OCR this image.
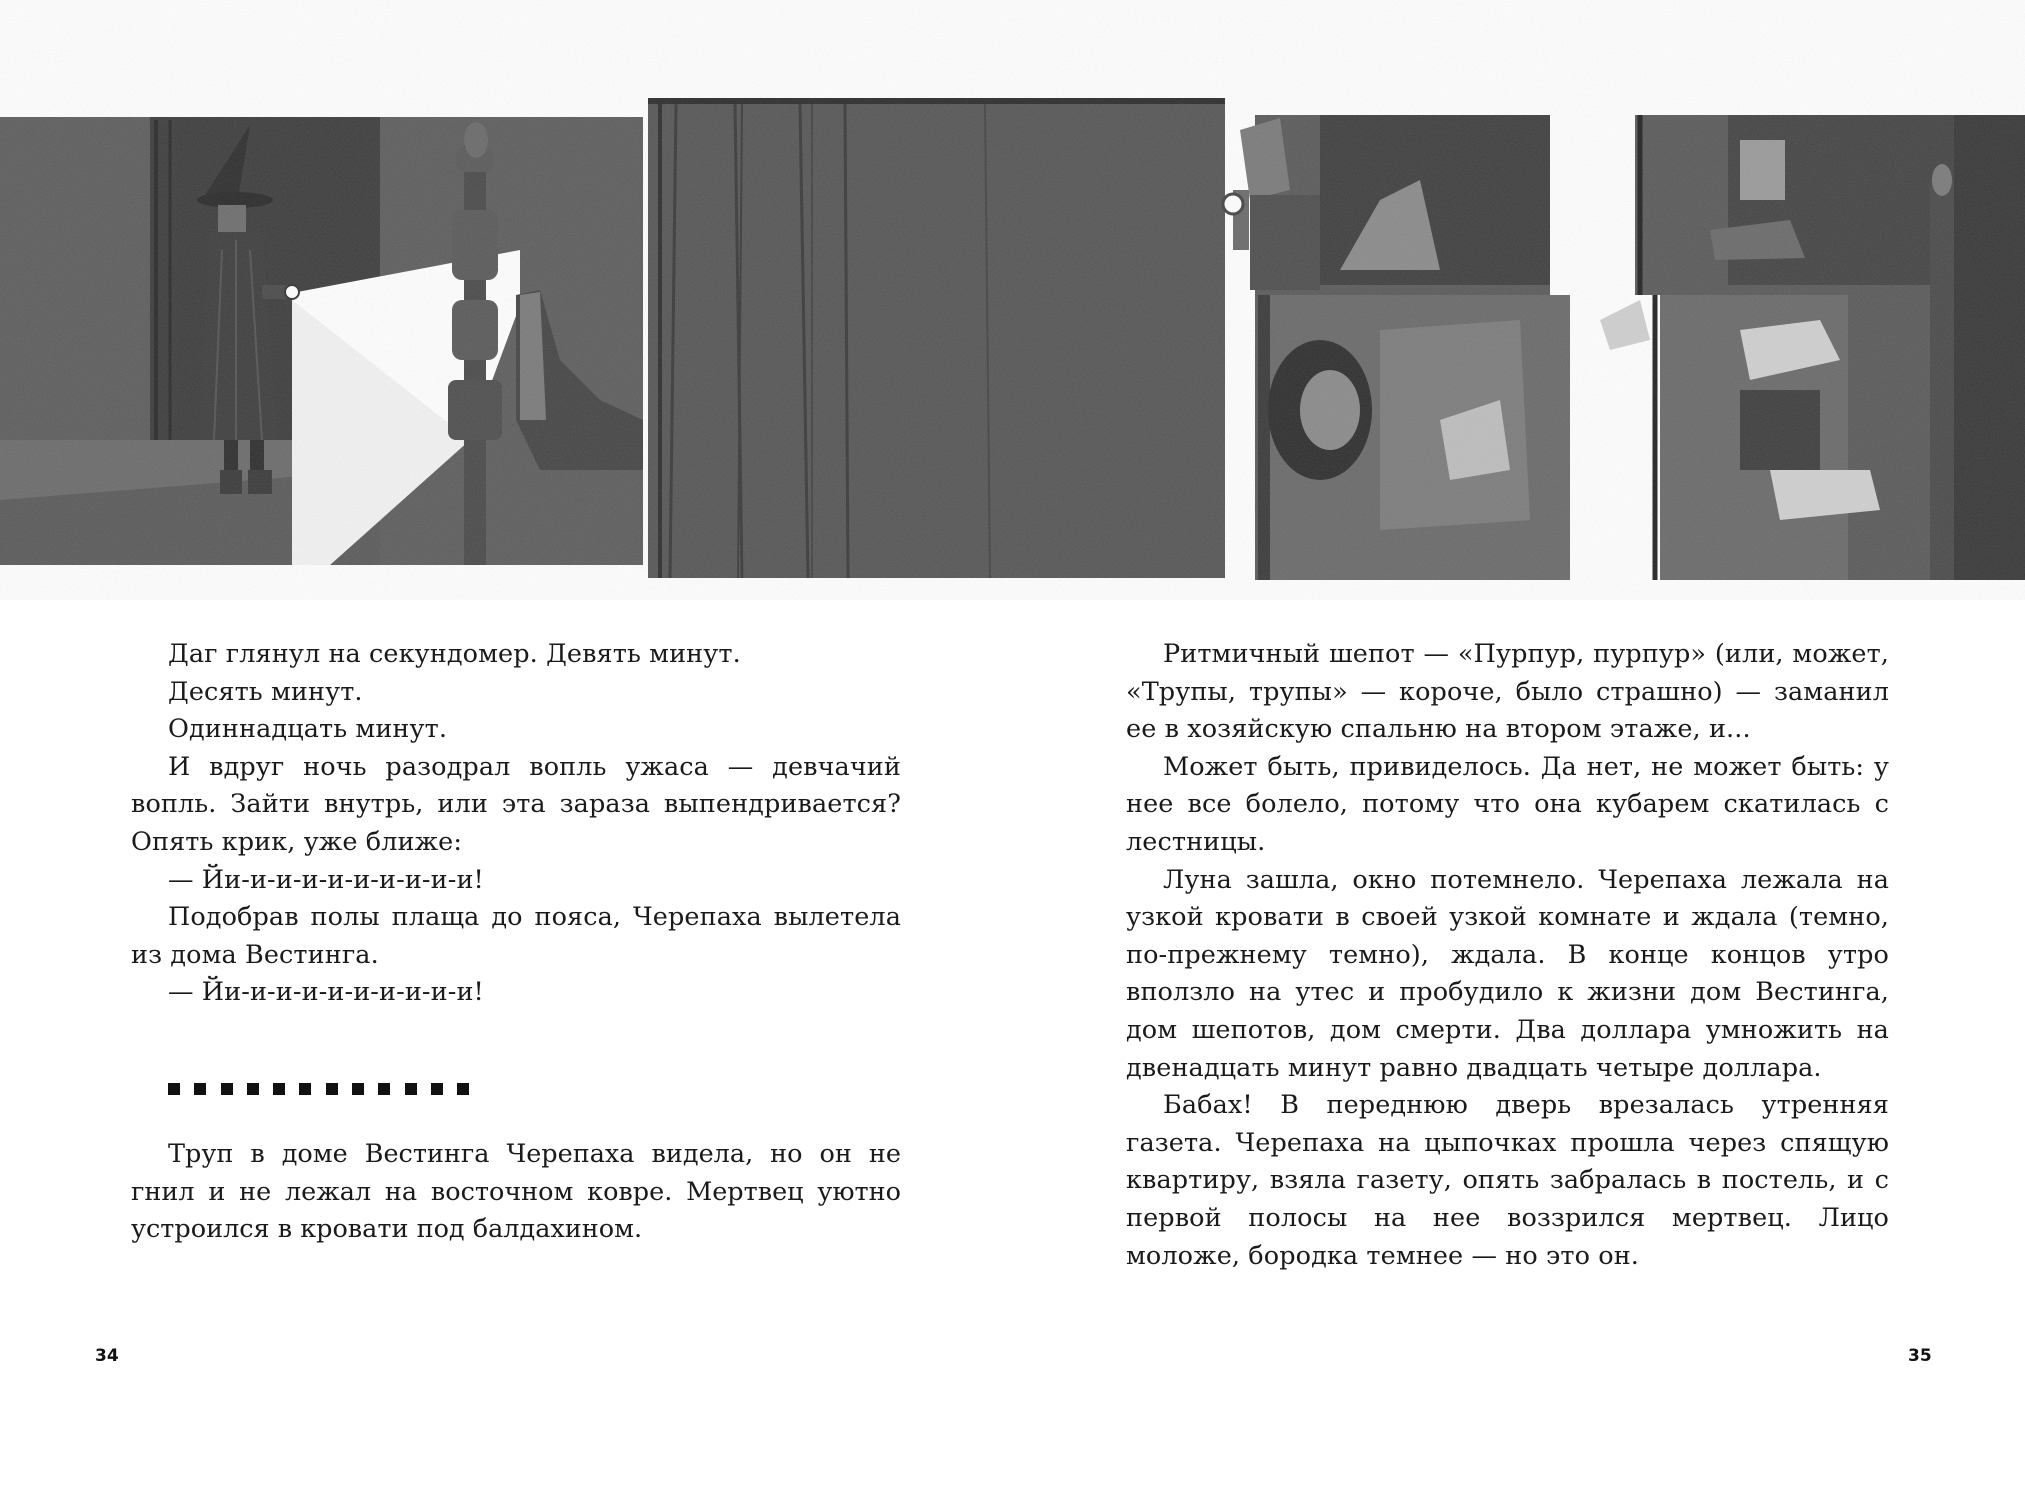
Даг глянул на секундомер. Девять минут.

Десять минут.

Одиннадцать минут.

И вдруг ночь разодрал вопль ужаса — девчачий вопль. Зайти внутрь, или эта зараза выпендривается? Опять крик, уже ближе:

— Йи-и-и-и-и-и-и-и-и-и!

Подобрав полы плаща до пояса, Черепаха вылетела из дома Вестинга.

— Йи-и-и-и-и-и-и-и-и-и!

Труп в доме Вестинга Черепаха видела, но он не гнил и не лежал на восточном ковре. Мертвец уютно устроился в кровати под балдахином.

Ритмичный шепот — «Пурпур, пурпур» (или, может, «Трупы, трупы» — короче, было страшно) — заманил ее в хозяйскую спальню на втором этаже, и...

Может быть, привиделось. Да нет, не может быть: у нее все болело, потому что она кубарем скатилась с лестницы.

Луна зашла, окно потемнело. Черепаха лежала на узкой кровати в своей узкой комнате и ждала (темно, по-прежнему темно), ждала. В конце концов утро вползло на утес и пробудило к жизни дом Вестинга, дом шепотов, дом смерти. Два доллара умножить на двенадцать минут равно двадцать четыре доллара.

Бабах! В переднюю дверь врезалась утренняя газета. Черепаха на цыпочках прошла через спящую квартиру, взяла газету, опять забралась в постель, и с первой полосы на нее воззрился мертвец. Лицо моложе, бородка темнее — но это он.

34	35
